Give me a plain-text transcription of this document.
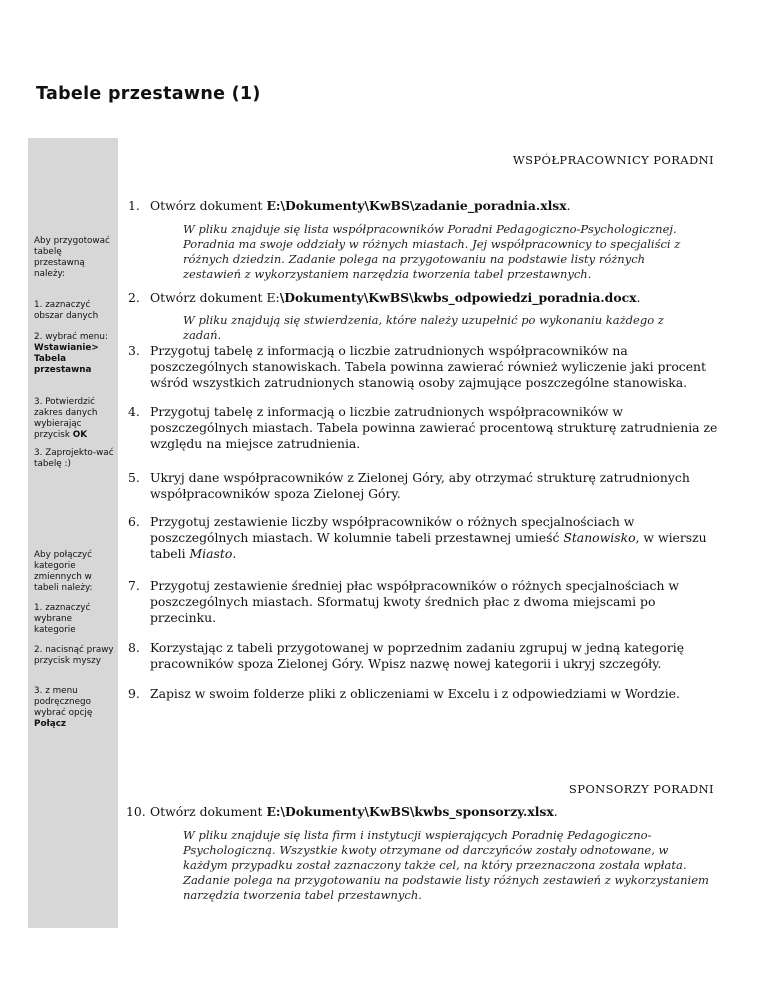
Tabele przestawne (1)
Aby przygotować tabelę przestawną należy:
1. zaznaczyć obszar danych
2. wybrać menu:
Wstawianie> Tabela przestawna
3. Potwierdzić zakres danych wybierając przycisk OK
3. Zaprojekto-wać tabelę :)
Aby połączyć kategorie zmiennych w tabeli należy:
1. zaznaczyć wybrane kategorie
2. nacisnąć prawy przycisk myszy
3. z menu podręcznego wybrać opcję Połącz
WSPÓŁPRACOWNICY PORADNI
1. Otwórz dokument E:\Dokumenty\KwBS\zadanie_poradnia.xlsx.
W pliku znajduje się lista współpracowników Poradni Pedagogiczno-Psychologicznej. Poradnia ma swoje oddziały w różnych miastach. Jej współpracownicy to specjaliści z różnych dziedzin. Zadanie polega na przygotowaniu na podstawie listy różnych zestawień z wykorzystaniem narzędzia tworzenia tabel przestawnych.
2. Otwórz dokument E:\Dokumenty\KwBS\kwbs_odpowiedzi_poradnia.docx.
W pliku znajdują się stwierdzenia, które należy uzupełnić po wykonaniu każdego z zadań.
3. Przygotuj tabelę z informacją o liczbie zatrudnionych współpracowników na poszczególnych stanowiskach. Tabela powinna zawierać również wyliczenie jaki procent wśród wszystkich zatrudnionych stanowią osoby zajmujące poszczególne stanowiska.
4. Przygotuj tabelę z informacją o liczbie zatrudnionych współpracowników w poszczególnych miastach. Tabela powinna zawierać procentową strukturę zatrudnienia ze względu na miejsce zatrudnienia.
5. Ukryj dane współpracowników z Zielonej Góry, aby otrzymać strukturę zatrudnionych współpracowników spoza Zielonej Góry.
6. Przygotuj zestawienie liczby współpracowników o różnych specjalnościach w poszczególnych miastach. W kolumnie tabeli przestawnej umieść Stanowisko, w wierszu tabeli Miasto.
7. Przygotuj zestawienie średniej płac współpracowników o różnych specjalnościach w poszczególnych miastach. Sformatuj kwoty średnich płac z dwoma miejscami po przecinku.
8. Korzystając z tabeli przygotowanej w poprzednim zadaniu zgrupuj w jedną kategorię pracowników spoza Zielonej Góry. Wpisz nazwę nowej kategorii i ukryj szczegóły.
9. Zapisz w swoim folderze pliki z obliczeniami w Excelu i z odpowiedziami w Wordzie.
SPONSORZY PORADNI
10. Otwórz dokument E:\Dokumenty\KwBS\kwbs_sponsorzy.xlsx.
W pliku znajduje się lista firm i instytucji wspierających Poradnię Pedagogiczno-Psychologiczną. Wszystkie kwoty otrzymane od darczyńców zostały odnotowane, w każdym przypadku został zaznaczony także cel, na który przeznaczona została wpłata. Zadanie polega na przygotowaniu na podstawie listy różnych zestawień z wykorzystaniem narzędzia tworzenia tabel przestawnych.
